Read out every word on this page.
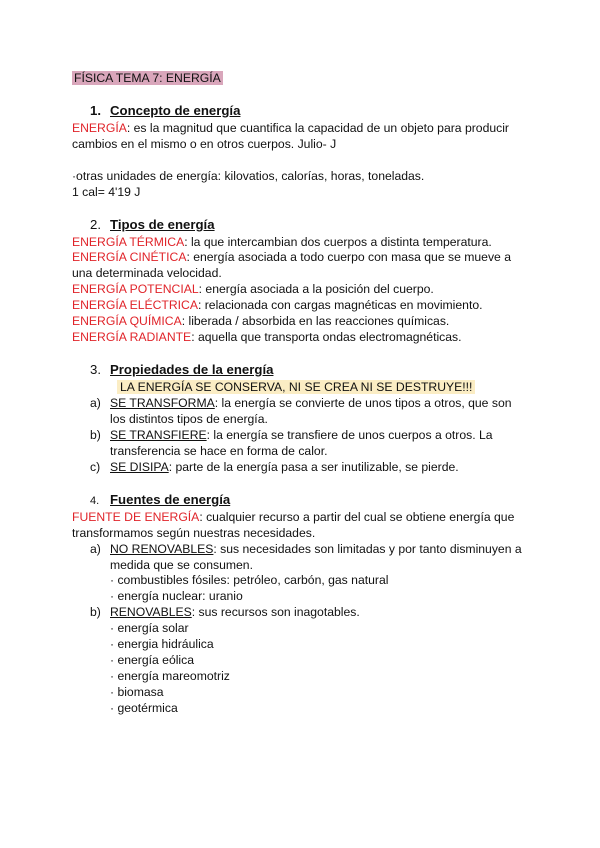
FÍSICA TEMA 7: ENERGÍA
1. Concepto de energía
ENERGÍA: es la magnitud que cuantifica la capacidad de un objeto para producir
cambios en el mismo o en otros cuerpos. Julio- J
·otras unidades de energía: kilovatios, calorías, horas, toneladas.
1 cal= 4'19 J
2. Tipos de energía
ENERGÍA TÉRMICA: la que intercambian dos cuerpos a distinta temperatura.
ENERGÍA CINÉTICA: energía asociada a todo cuerpo con masa que se mueve a
una determinada velocidad.
ENERGÍA POTENCIAL: energía asociada a la posición del cuerpo.
ENERGÍA ELÉCTRICA: relacionada con cargas magnéticas en movimiento.
ENERGÍA QUÍMICA: liberada / absorbida en las reacciones químicas.
ENERGÍA RADIANTE: aquella que transporta ondas electromagnéticas.
3. Propiedades de la energía
LA ENERGÍA SE CONSERVA, NI SE CREA NI SE DESTRUYE!!!
a) SE TRANSFORMA: la energía se convierte de unos tipos a otros, que son
los distintos tipos de energía.
b) SE TRANSFIERE: la energía se transfiere de unos cuerpos a otros. La
transferencia se hace en forma de calor.
c) SE DISIPA: parte de la energía pasa a ser inutilizable, se pierde.
4. Fuentes de energía
FUENTE DE ENERGÍA: cualquier recurso a partir del cual se obtiene energía que
transformamos según nuestras necesidades.
a) NO RENOVABLES: sus necesidades son limitadas y por tanto disminuyen a
medida que se consumen.
· combustibles fósiles: petróleo, carbón, gas natural
· energía nuclear: uranio
b) RENOVABLES: sus recursos son inagotables.
· energía solar
· energia hidráulica
· energía eólica
· energía mareomotriz
· biomasa
· geotérmica
